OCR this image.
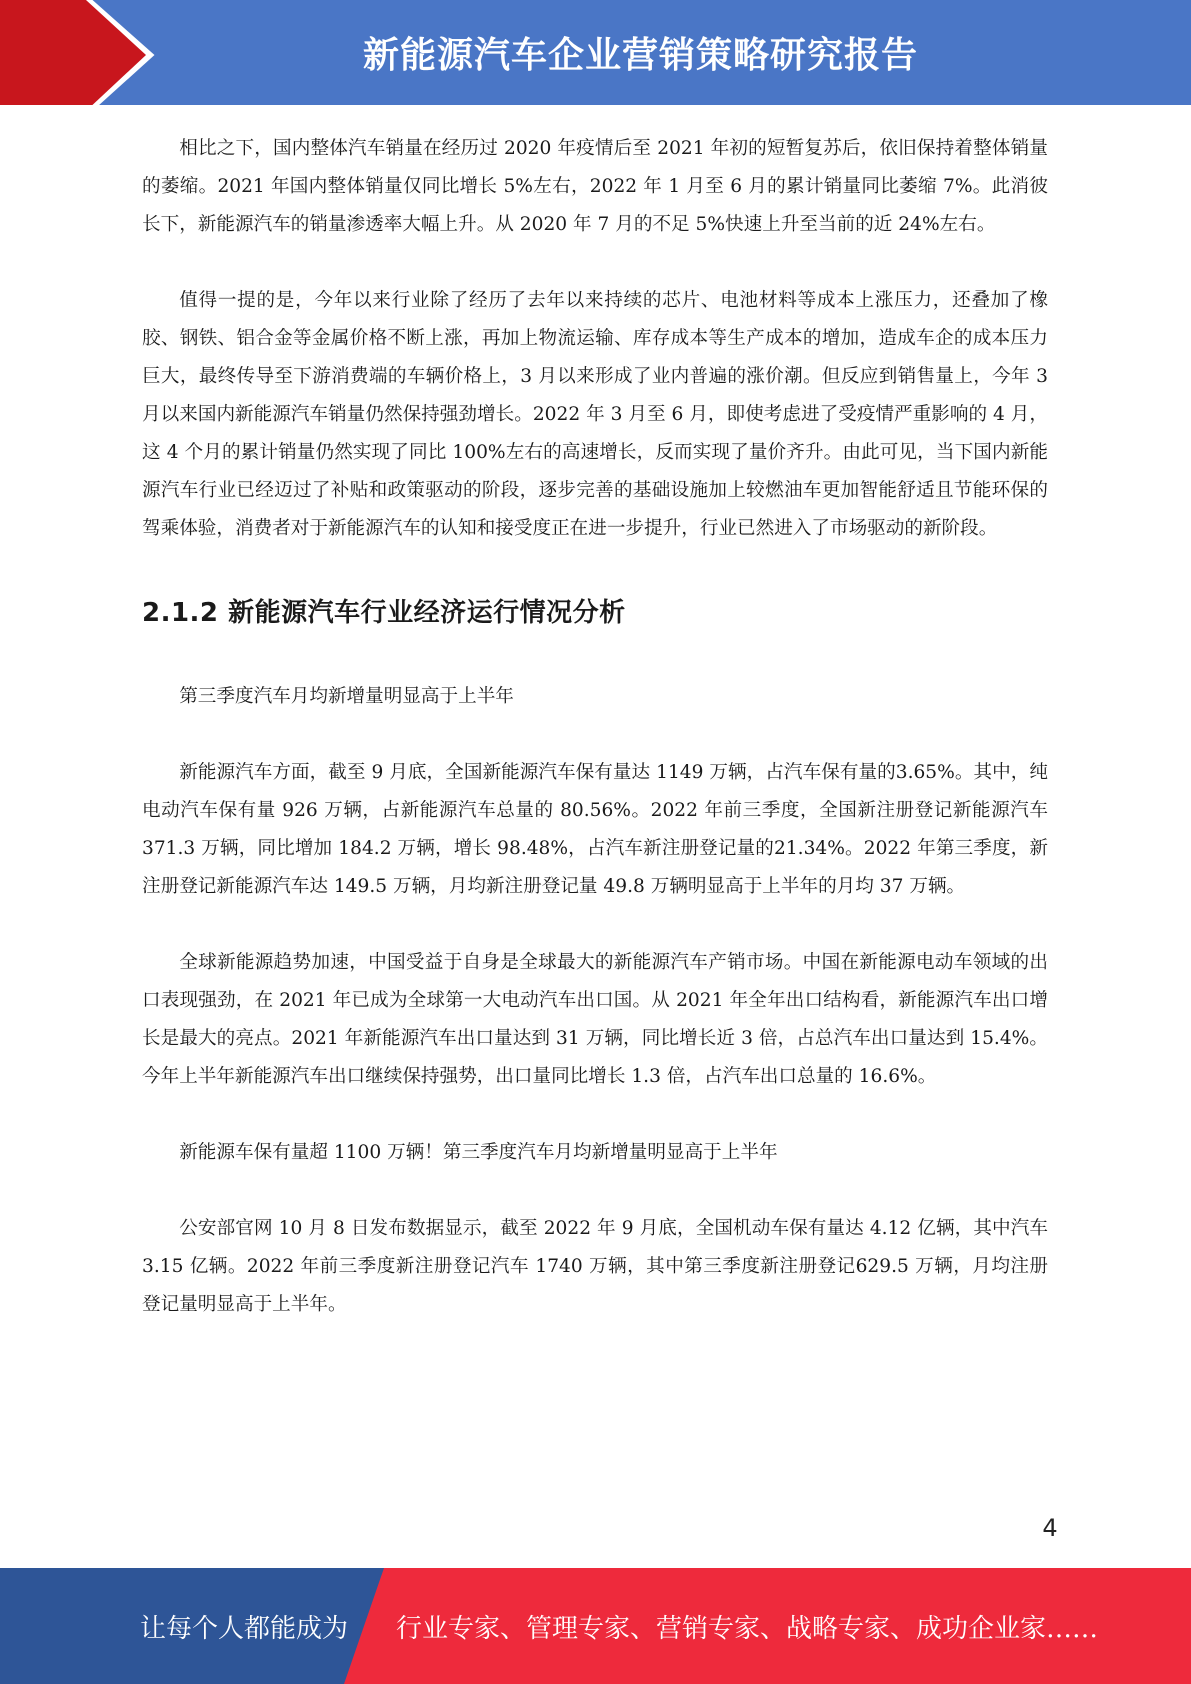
新能源汽车企业营销策略研究报告

相比之下，国内整体汽车销量在经历过 2020 年疫情后至 2021 年初的短暂复苏后，依旧保持着整体销量的萎缩。2021 年国内整体销量仅同比增长 5%左右，2022 年 1 月至 6 月的累计销量同比萎缩 7%。此消彼长下，新能源汽车的销量渗透率大幅上升。从 2020 年 7 月的不足 5%快速上升至当前的近 24%左右。

值得一提的是，今年以来行业除了经历了去年以来持续的芯片、电池材料等成本上涨压力，还叠加了橡胶、钢铁、铝合金等金属价格不断上涨，再加上物流运输、库存成本等生产成本的增加，造成车企的成本压力巨大，最终传导至下游消费端的车辆价格上，3 月以来形成了业内普遍的涨价潮。但反应到销售量上，今年 3 月以来国内新能源汽车销量仍然保持强劲增长。2022 年 3 月至 6 月，即使考虑进了受疫情严重影响的 4 月，这 4 个月的累计销量仍然实现了同比 100%左右的高速增长，反而实现了量价齐升。由此可见，当下国内新能源汽车行业已经迈过了补贴和政策驱动的阶段，逐步完善的基础设施加上较燃油车更加智能舒适且节能环保的驾乘体验，消费者对于新能源汽车的认知和接受度正在进一步提升，行业已然进入了市场驱动的新阶段。

2.1.2 新能源汽车行业经济运行情况分析

第三季度汽车月均新增量明显高于上半年

新能源汽车方面，截至 9 月底，全国新能源汽车保有量达 1149 万辆，占汽车保有量的3.65%。其中，纯电动汽车保有量 926 万辆，占新能源汽车总量的 80.56%。2022 年前三季度，全国新注册登记新能源汽车 371.3 万辆，同比增加 184.2 万辆，增长 98.48%，占汽车新注册登记量的21.34%。2022 年第三季度，新注册登记新能源汽车达 149.5 万辆，月均新注册登记量 49.8 万辆明显高于上半年的月均 37 万辆。

全球新能源趋势加速，中国受益于自身是全球最大的新能源汽车产销市场。中国在新能源电动车领域的出口表现强劲，在 2021 年已成为全球第一大电动汽车出口国。从 2021 年全年出口结构看，新能源汽车出口增长是最大的亮点。2021 年新能源汽车出口量达到 31 万辆，同比增长近 3 倍，占总汽车出口量达到 15.4%。今年上半年新能源汽车出口继续保持强势，出口量同比增长 1.3 倍，占汽车出口总量的 16.6%。

新能源车保有量超 1100 万辆！第三季度汽车月均新增量明显高于上半年

公安部官网 10 月 8 日发布数据显示，截至 2022 年 9 月底，全国机动车保有量达 4.12 亿辆，其中汽车 3.15 亿辆。2022 年前三季度新注册登记汽车 1740 万辆，其中第三季度新注册登记629.5 万辆，月均注册登记量明显高于上半年。

4
让每个人都能成为 行业专家、管理专家、营销专家、战略专家、成功企业家……
